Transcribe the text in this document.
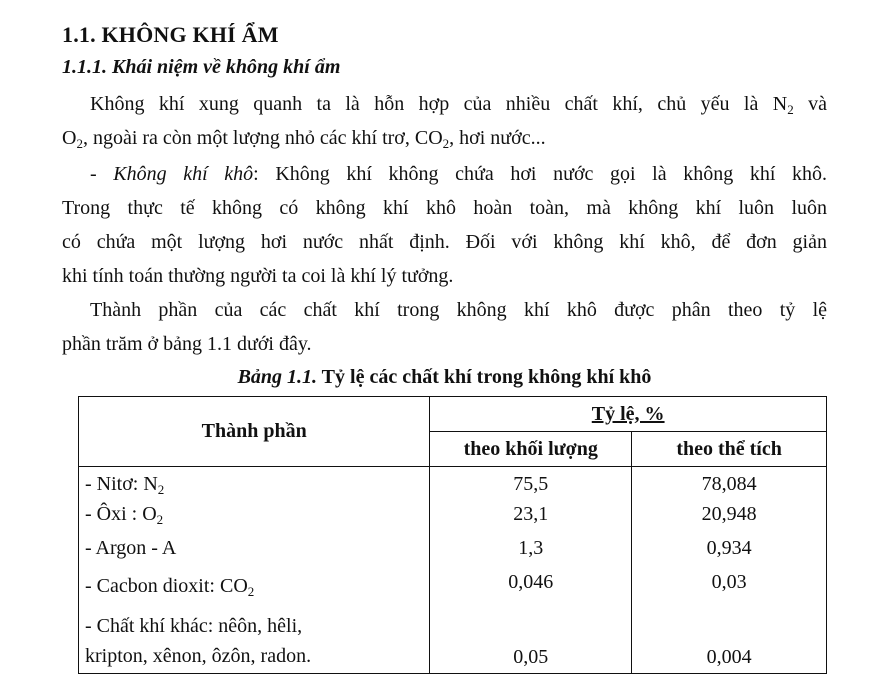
1.1. KHÔNG KHÍ ẨM
1.1.1. Khái niệm về không khí ẩm
Không khí xung quanh ta là hỗn hợp của nhiều chất khí, chủ yếu là $N_2$ và
$O_2$, ngoài ra còn một lượng nhỏ các khí trơ, $CO_2$, hơi nước...
- Không khí khô: Không khí không chứa hơi nước gọi là không khí khô.
Trong thực tế không có không khí khô hoàn toàn, mà không khí luôn luôn
có chứa một lượng hơi nước nhất định. Đối với không khí khô, để đơn giản
khi tính toán thường người ta coi là khí lý tưởng.
Thành phần của các chất khí trong không khí khô được phân theo tỷ lệ
phần trăm ở bảng 1.1 dưới đây.
Bảng 1.1. Tỷ lệ các chất khí trong không khí khô
Thành phần	Tỷ lệ, %	
	theo khối lượng	theo thể tích
- Nitơ: $N_2$	75,5	78,084
- Ôxi : $O_2$	23,1	20,948
- Argon - A	1,3	0,934
- Cacbon dioxit: $CO_2$	0,046	0,03

- Chất khí khác: nêôn, hêli,
kripton, xênon, ôzôn, radon.	0,05	0,004
